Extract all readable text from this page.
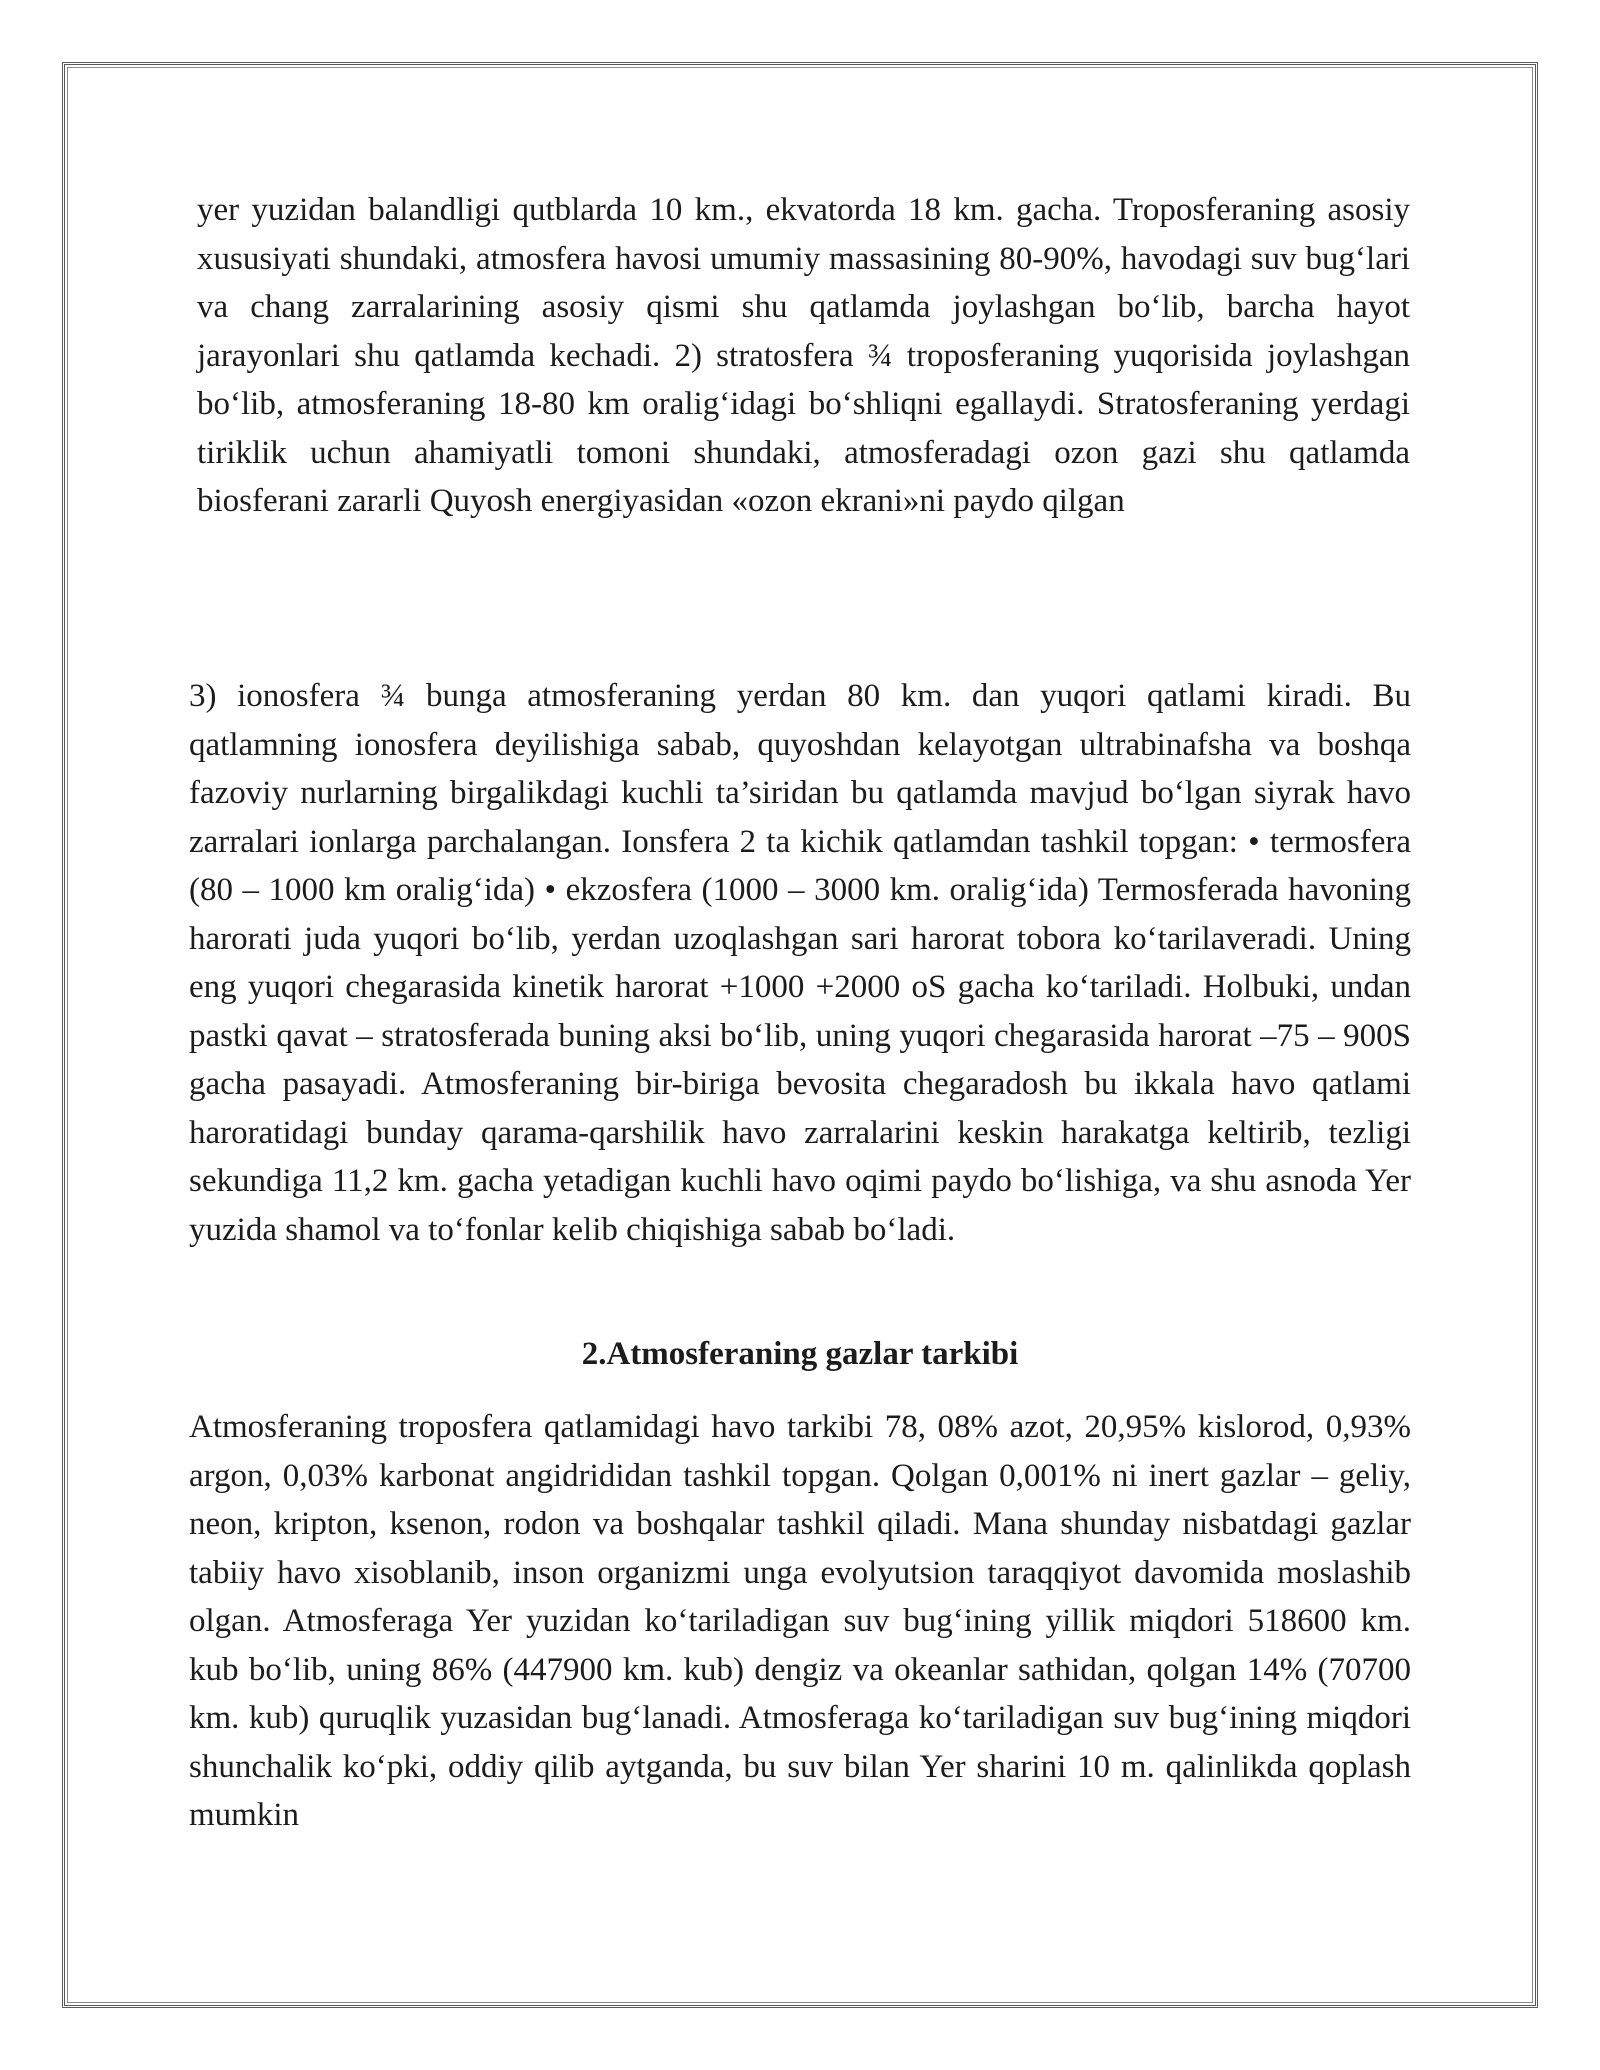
yer yuzidan balandligi qutblarda 10 km., ekvatorda 18 km. gacha. Troposferaning asosiy xususiyati shundaki, atmosfera havosi umumiy massasining 80-90%, havodagi suv bug‘lari va chang zarralarining asosiy qismi shu qatlamda joylashgan bo‘lib, barcha hayot jarayonlari shu qatlamda kechadi. 2) stratosfera ¾ troposferaning yuqorisida joylashgan bo‘lib, atmosferaning 18-80 km oralig‘idagi bo‘shliqni egallaydi. Stratosferaning yerdagi tiriklik uchun ahamiyatli tomoni shundaki, atmosferadagi ozon gazi shu qatlamda biosferani zararli Quyosh energiyasidan «ozon ekrani»ni paydo qilgan

3) ionosfera ¾ bunga atmosferaning yerdan 80 km. dan yuqori qatlami kiradi. Bu qatlamning ionosfera deyilishiga sabab, quyoshdan kelayotgan ultrabinafsha va boshqa fazoviy nurlarning birgalikdagi kuchli ta’siridan bu qatlamda mavjud bo‘lgan siyrak havo zarralari ionlarga parchalangan. Ionsfera 2 ta kichik qatlamdan tashkil topgan: • termosfera (80 – 1000 km oralig‘ida) • ekzosfera (1000 – 3000 km. oralig‘ida) Termosferada havoning harorati juda yuqori bo‘lib, yerdan uzoqlashgan sari harorat tobora ko‘tarilaveradi. Uning eng yuqori chegarasida kinetik harorat +1000 +2000 oS gacha ko‘tariladi. Holbuki, undan pastki qavat – stratosferada buning aksi bo‘lib, uning yuqori chegarasida harorat –75 – 900S gacha pasayadi. Atmosferaning bir-biriga bevosita chegaradosh bu ikkala havo qatlami haroratidagi bunday qarama-qarshilik havo zarralarini keskin harakatga keltirib, tezligi sekundiga 11,2 km. gacha yetadigan kuchli havo oqimi paydo bo‘lishiga, va shu asnoda Yer yuzida shamol va to‘fonlar kelib chiqishiga sabab bo‘ladi.

2.Atmosferaning gazlar tarkibi

Atmosferaning troposfera qatlamidagi havo tarkibi 78, 08% azot, 20,95% kislorod, 0,93% argon, 0,03% karbonat angidrididan tashkil topgan. Qolgan 0,001% ni inert gazlar – geliy, neon, kripton, ksenon, rodon va boshqalar tashkil qiladi. Mana shunday nisbatdagi gazlar tabiiy havo xisoblanib, inson organizmi unga evolyutsion taraqqiyot davomida moslashib olgan. Atmosferaga Yer yuzidan ko‘tariladigan suv bug‘ining yillik miqdori 518600 km. kub bo‘lib, uning 86% (447900 km. kub) dengiz va okeanlar sathidan, qolgan 14% (70700 km. kub) quruqlik yuzasidan bug‘lanadi. Atmosferaga ko‘tariladigan suv bug‘ining miqdori shunchalik ko‘pki, oddiy qilib aytganda, bu suv bilan Yer sharini 10 m. qalinlikda qoplash mumkin
